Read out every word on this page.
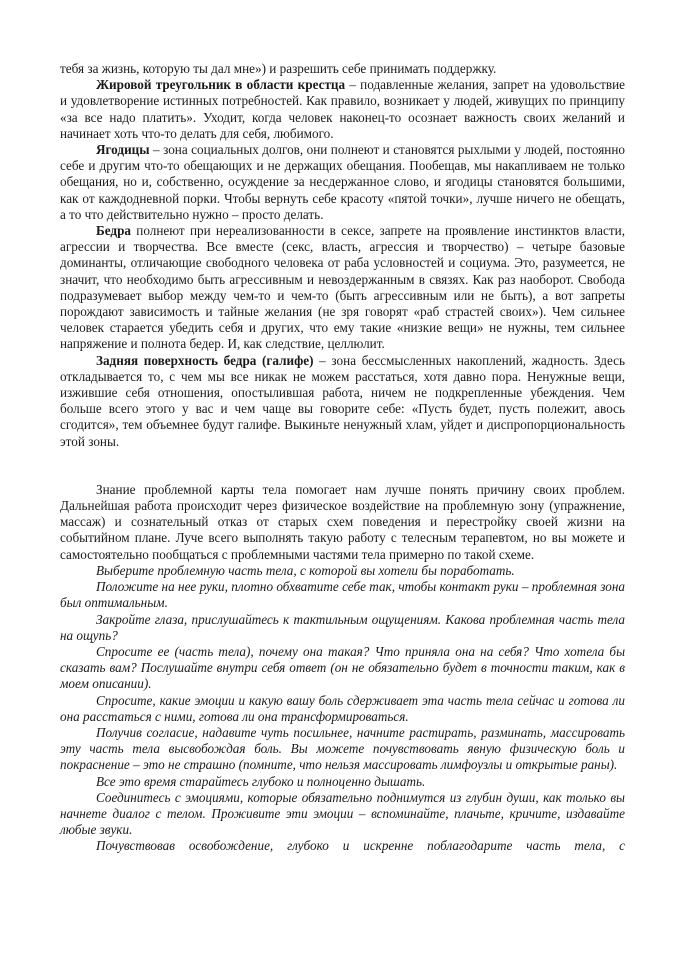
тебя за жизнь, которую ты дал мне») и разрешить себе принимать поддержку.

Жировой треугольник в области крестца – подавленные желания, запрет на удовольствие и удовлетворение истинных потребностей. Как правило, возникает у людей, живущих по принципу «за все надо платить». Уходит, когда человек наконец-то осознает важность своих желаний и начинает хоть что-то делать для себя, любимого.

Ягодицы – зона социальных долгов, они полнеют и становятся рыхлыми у людей, постоянно себе и другим что-то обещающих и не держащих обещания. Пообещав, мы накапливаем не только обещания, но и, собственно, осуждение за несдержанное слово, и ягодицы становятся большими, как от каждодневной порки. Чтобы вернуть себе красоту «пятой точки», лучше ничего не обещать, а то что действительно нужно – просто делать.

Бедра полнеют при нереализованности в сексе, запрете на проявление инстинктов власти, агрессии и творчества. Все вместе (секс, власть, агрессия и творчество) – четыре базовые доминанты, отличающие свободного человека от раба условностей и социума. Это, разумеется, не значит, что необходимо быть агрессивным и невоздержанным в связях. Как раз наоборот. Свобода подразумевает выбор между чем-то и чем-то (быть агрессивным или не быть), а вот запреты порождают зависимость и тайные желания (не зря говорят «раб страстей своих»). Чем сильнее человек старается убедить себя и других, что ему такие «низкие вещи» не нужны, тем сильнее напряжение и полнота бедер. И, как следствие, целлюлит.

Задняя поверхность бедра (галифе) – зона бессмысленных накоплений, жадность. Здесь откладывается то, с чем мы все никак не можем расстаться, хотя давно пора. Ненужные вещи, изжившие себя отношения, опостылившая работа, ничем не подкрепленные убеждения. Чем больше всего этого у вас и чем чаще вы говорите себе: «Пусть будет, пусть полежит, авось сгодится», тем объемнее будут галифе. Выкиньте ненужный хлам, уйдет и диспропорциональность этой зоны.

Знание проблемной карты тела помогает нам лучше понять причину своих проблем. Дальнейшая работа происходит через физическое воздействие на проблемную зону (упражнение, массаж) и сознательный отказ от старых схем поведения и перестройку своей жизни на событийном плане. Луче всего выполнять такую работу с телесным терапевтом, но вы можете и самостоятельно пообщаться с проблемными частями тела примерно по такой схеме.

Выберите проблемную часть тела, с которой вы хотели бы поработать.

Положите на нее руки, плотно обхватите себе так, чтобы контакт руки – проблемная зона был оптимальным.

Закройте глаза, прислушайтесь к тактильным ощущениям. Какова проблемная часть тела на ощупь?

Спросите ее (часть тела), почему она такая? Что приняла она на себя? Что хотела бы сказать вам? Послушайте внутри себя ответ (он не обязательно будет в точности таким, как в моем описании).

Спросите, какие эмоции и какую вашу боль сдерживает эта часть тела сейчас и готова ли она расстаться с ними, готова ли она трансформироваться.

Получив согласие, надавите чуть посильнее, начните растирать, разминать, массировать эту часть тела высвобождая боль. Вы можете почувствовать явную физическую боль и покраснение – это не страшно (помните, что нельзя массировать лимфоузлы и открытые раны).

Все это время старайтесь глубоко и полноценно дышать.

Соединитесь с эмоциями, которые обязательно поднимутся из глубин души, как только вы начнете диалог с телом. Проживите эти эмоции – вспоминайте, плачьте, кричите, издавайте любые звуки.

Почувствовав освобождение, глубоко и искренне поблагодарите часть тела, с
